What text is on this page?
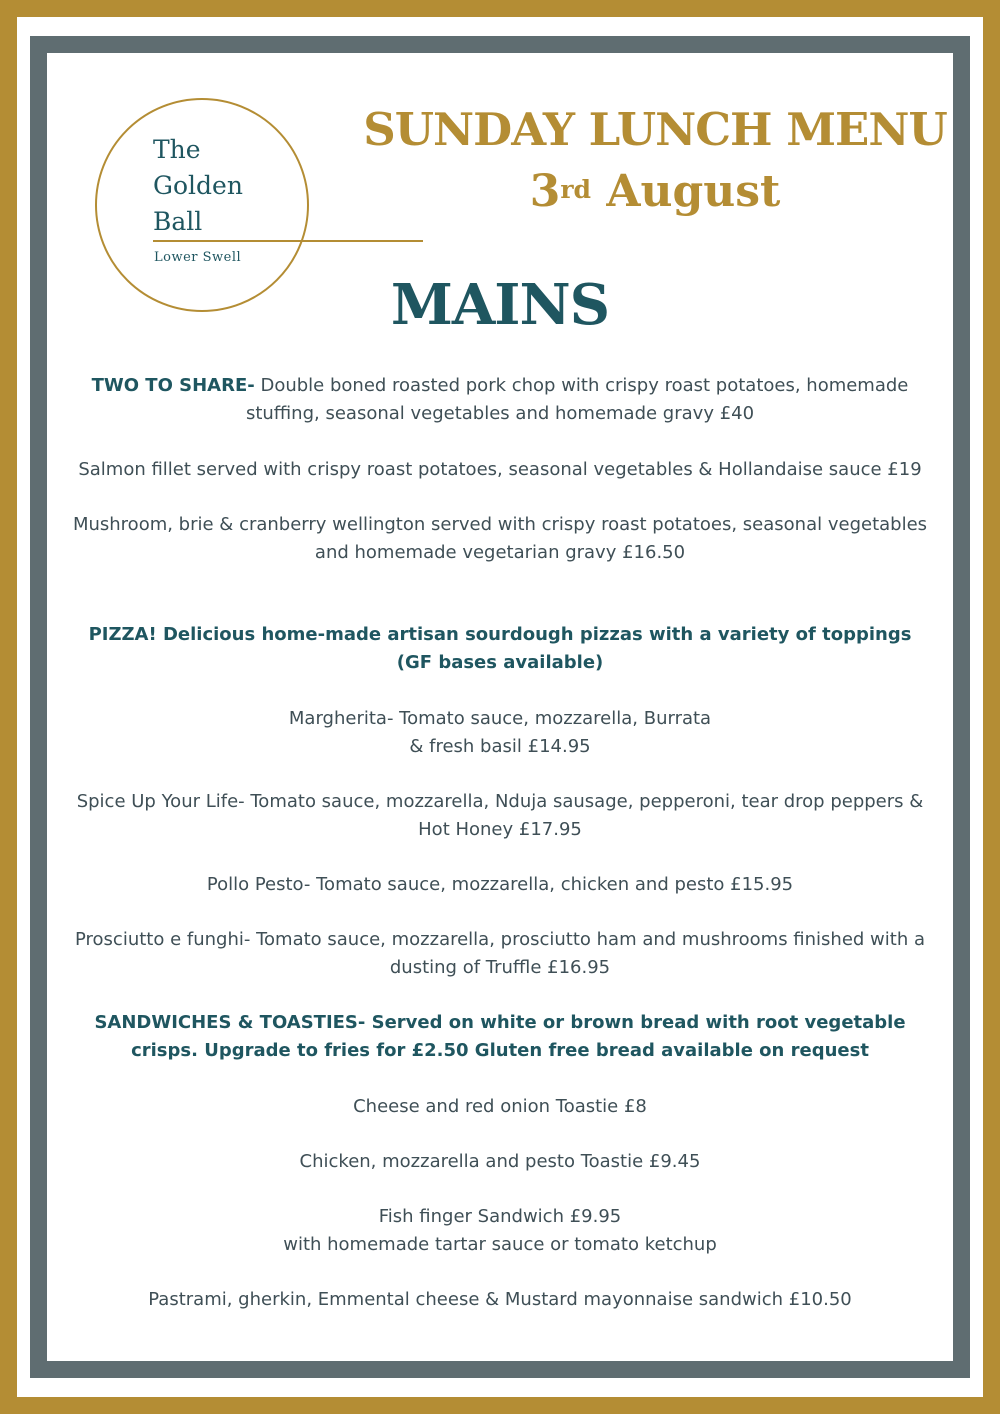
The
Golden
Ball
Lower Swell
SUNDAY LUNCH MENU
3rd August
MAINS

TWO TO SHARE- Double boned roasted pork chop with crispy roast potatoes, homemade stuffing, seasonal vegetables and homemade gravy £40

Salmon fillet served with crispy roast potatoes, seasonal vegetables & Hollandaise sauce £19

Mushroom, brie & cranberry wellington served with crispy roast potatoes, seasonal vegetables and homemade vegetarian gravy £16.50

PIZZA! Delicious home-made artisan sourdough pizzas with a variety of toppings (GF bases available)

Margherita- Tomato sauce, mozzarella, Burrata
& fresh basil £14.95

Spice Up Your Life- Tomato sauce, mozzarella, Nduja sausage, pepperoni, tear drop peppers & Hot Honey £17.95

Pollo Pesto- Tomato sauce, mozzarella, chicken and pesto £15.95

Prosciutto e funghi- Tomato sauce, mozzarella, prosciutto ham and mushrooms finished with a dusting of Truffle £16.95

SANDWICHES & TOASTIES- Served on white or brown bread with root vegetable crisps. Upgrade to fries for £2.50 Gluten free bread available on request

Cheese and red onion Toastie £8

Chicken, mozzarella and pesto Toastie £9.45

Fish finger Sandwich £9.95
with homemade tartar sauce or tomato ketchup

Pastrami, gherkin, Emmental cheese & Mustard mayonnaise sandwich £10.50
